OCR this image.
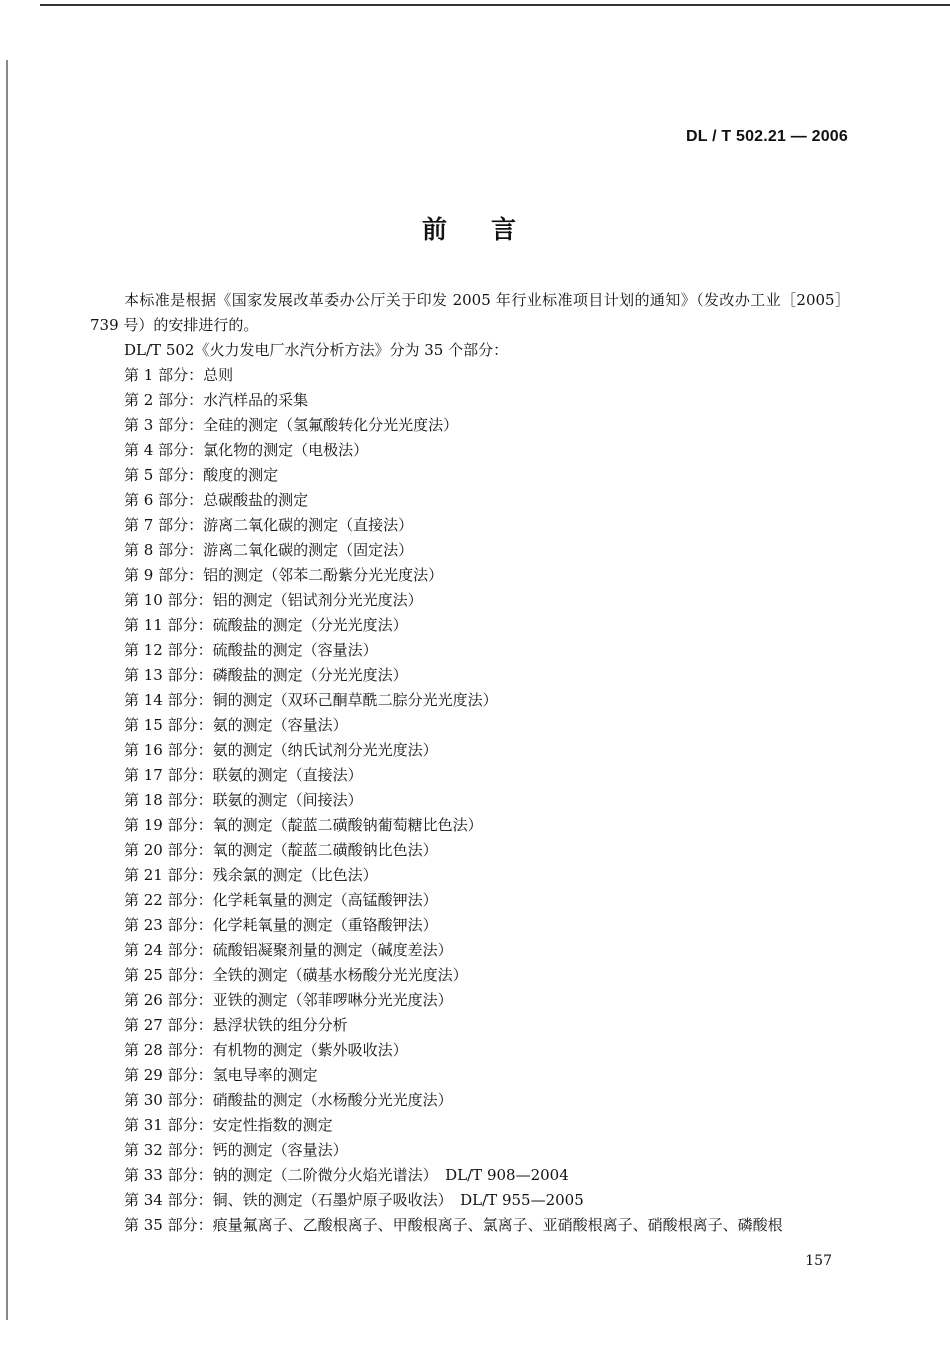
DL / T 502.21 — 2006
前言

本标准是根据《国家发展改革委办公厅关于印发 2005 年行业标准项目计划的通知》（发改办工业［2005］739 号）的安排进行的。

DL/T 502《火力发电厂水汽分析方法》分为 35 个部分：

第 1 部分：总则
第 2 部分：水汽样品的采集
第 3 部分：全硅的测定（氢氟酸转化分光光度法）
第 4 部分：氯化物的测定（电极法）
第 5 部分：酸度的测定
第 6 部分：总碳酸盐的测定
第 7 部分：游离二氧化碳的测定（直接法）
第 8 部分：游离二氧化碳的测定（固定法）
第 9 部分：铝的测定（邻苯二酚紫分光光度法）
第 10 部分：铝的测定（铝试剂分光光度法）
第 11 部分：硫酸盐的测定（分光光度法）
第 12 部分：硫酸盐的测定（容量法）
第 13 部分：磷酸盐的测定（分光光度法）
第 14 部分：铜的测定（双环己酮草酰二腙分光光度法）
第 15 部分：氨的测定（容量法）
第 16 部分：氨的测定（纳氏试剂分光光度法）
第 17 部分：联氨的测定（直接法）
第 18 部分：联氨的测定（间接法）
第 19 部分：氧的测定（靛蓝二磺酸钠葡萄糖比色法）
第 20 部分：氧的测定（靛蓝二磺酸钠比色法）
第 21 部分：残余氯的测定（比色法）
第 22 部分：化学耗氧量的测定（高锰酸钾法）
第 23 部分：化学耗氧量的测定（重铬酸钾法）
第 24 部分：硫酸铝凝聚剂量的测定（碱度差法）
第 25 部分：全铁的测定（磺基水杨酸分光光度法）
第 26 部分：亚铁的测定（邻菲啰啉分光光度法）
第 27 部分：悬浮状铁的组分分析
第 28 部分：有机物的测定（紫外吸收法）
第 29 部分：氢电导率的测定
第 30 部分：硝酸盐的测定（水杨酸分光光度法）
第 31 部分：安定性指数的测定
第 32 部分：钙的测定（容量法）
第 33 部分：钠的测定（二阶微分火焰光谱法）　DL/T 908—2004
第 34 部分：铜、铁的测定（石墨炉原子吸收法）　DL/T 955—2005
第 35 部分：痕量氟离子、乙酸根离子、甲酸根离子、氯离子、亚硝酸根离子、硝酸根离子、磷酸根
157
